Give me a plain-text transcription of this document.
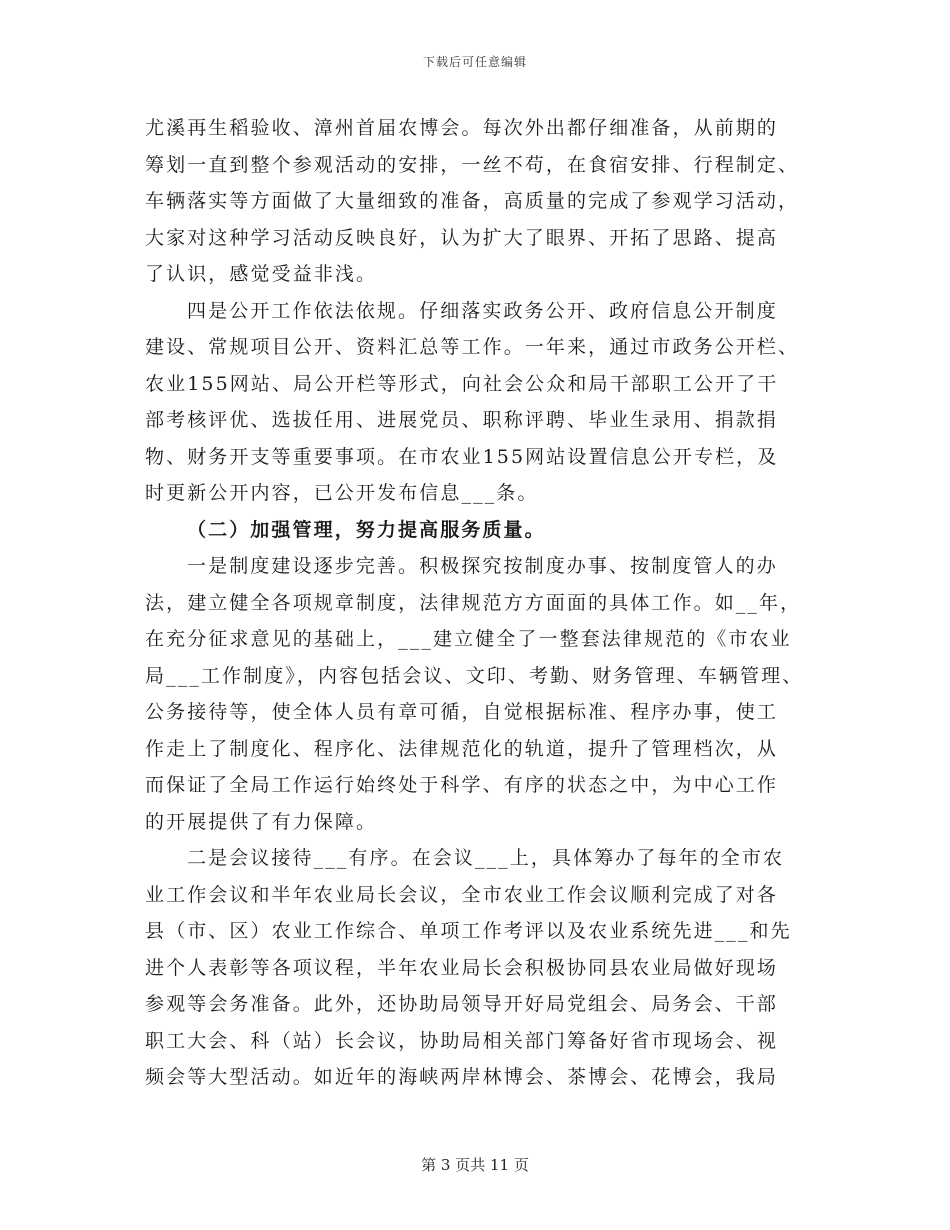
下载后可任意编辑
尤溪再生稻验收、漳州首届农博会。每次外出都仔细准备，从前期的
筹划一直到整个参观活动的安排，一丝不苟，在食宿安排、行程制定、
车辆落实等方面做了大量细致的准备，高质量的完成了参观学习活动，
大家对这种学习活动反映良好，认为扩大了眼界、开拓了思路、提高
了认识，感觉受益非浅。
四是公开工作依法依规。仔细落实政务公开、政府信息公开制度
建设、常规项目公开、资料汇总等工作。一年来，通过市政务公开栏、
农业155网站、局公开栏等形式，向社会公众和局干部职工公开了干
部考核评优、选拔任用、进展党员、职称评聘、毕业生录用、捐款捐
物、财务开支等重要事项。在市农业155网站设置信息公开专栏，及
时更新公开内容，已公开发布信息___条。
（二）加强管理，努力提高服务质量。
一是制度建设逐步完善。积极探究按制度办事、按制度管人的办
法，建立健全各项规章制度，法律规范方方面面的具体工作。如__年，
在充分征求意见的基础上，___建立健全了一整套法律规范的《市农业
局___工作制度》，内容包括会议、文印、考勤、财务管理、车辆管理、
公务接待等，使全体人员有章可循，自觉根据标准、程序办事，使工
作走上了制度化、程序化、法律规范化的轨道，提升了管理档次，从
而保证了全局工作运行始终处于科学、有序的状态之中，为中心工作
的开展提供了有力保障。
二是会议接待___有序。在会议___上，具体筹办了每年的全市农
业工作会议和半年农业局长会议，全市农业工作会议顺利完成了对各
县（市、区）农业工作综合、单项工作考评以及农业系统先进___和先
进个人表彰等各项议程，半年农业局长会积极协同县农业局做好现场
参观等会务准备。此外，还协助局领导开好局党组会、局务会、干部
职工大会、科（站）长会议，协助局相关部门筹备好省市现场会、视
频会等大型活动。如近年的海峡两岸林博会、茶博会、花博会，我局
第 3 页共 11 页
